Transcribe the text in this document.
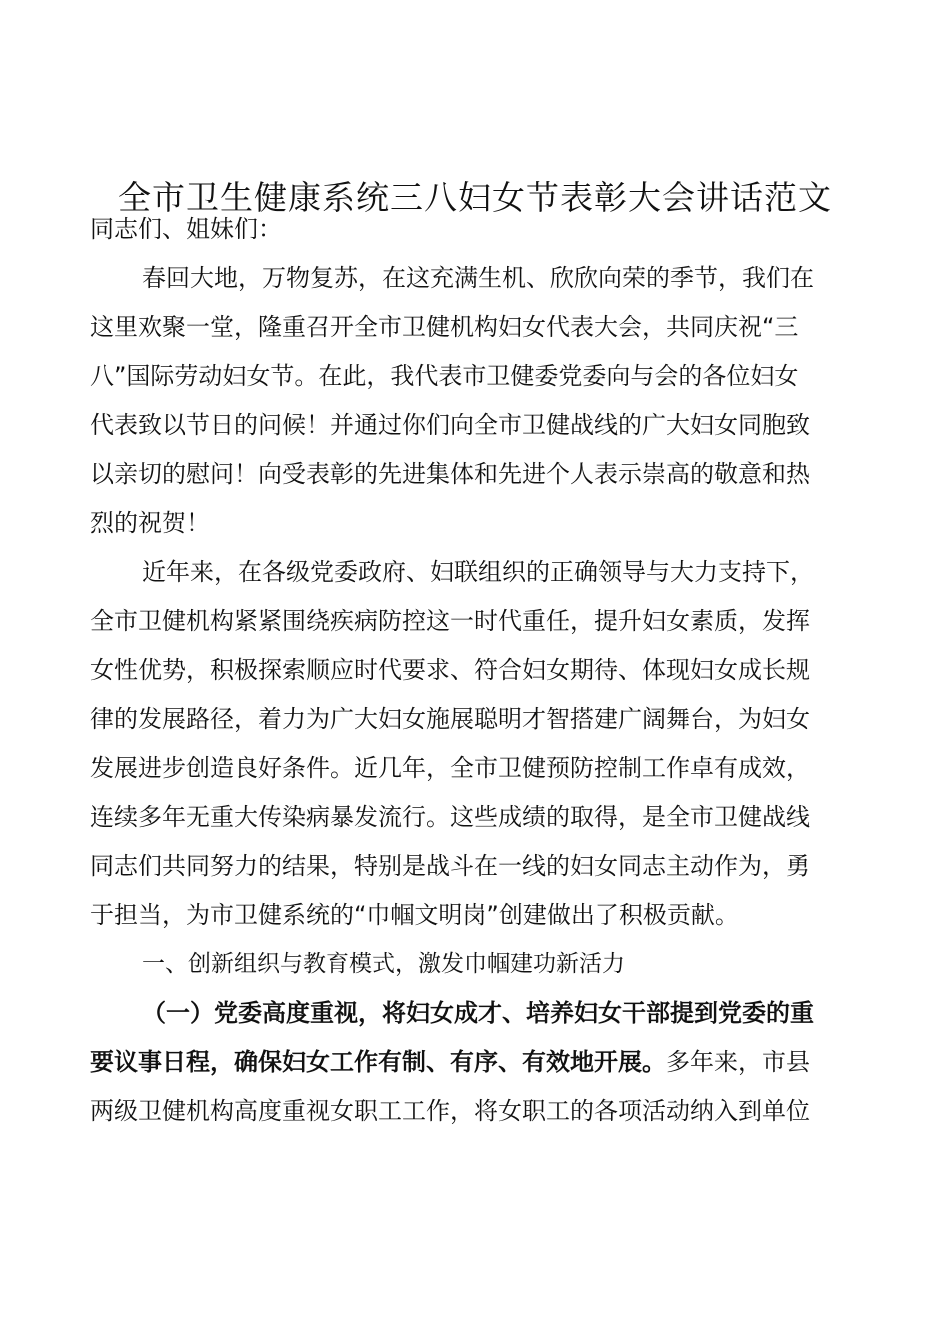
全市卫生健康系统三八妇女节表彰大会讲话范文
同志们、姐妹们：
春回大地，万物复苏，在这充满生机、欣欣向荣的季节，我们在
这里欢聚一堂，隆重召开全市卫健机构妇女代表大会，共同庆祝“三
八”国际劳动妇女节。在此，我代表市卫健委党委向与会的各位妇女
代表致以节日的问候！并通过你们向全市卫健战线的广大妇女同胞致
以亲切的慰问！向受表彰的先进集体和先进个人表示崇高的敬意和热
烈的祝贺！
近年来，在各级党委政府、妇联组织的正确领导与大力支持下，
全市卫健机构紧紧围绕疾病防控这一时代重任，提升妇女素质，发挥
女性优势，积极探索顺应时代要求、符合妇女期待、体现妇女成长规
律的发展路径，着力为广大妇女施展聪明才智搭建广阔舞台，为妇女
发展进步创造良好条件。近几年，全市卫健预防控制工作卓有成效，
连续多年无重大传染病暴发流行。这些成绩的取得，是全市卫健战线
同志们共同努力的结果，特别是战斗在一线的妇女同志主动作为，勇
于担当，为市卫健系统的“巾帼文明岗”创建做出了积极贡献。
一、创新组织与教育模式，激发巾帼建功新活力
（一）党委高度重视，将妇女成才、培养妇女干部提到党委的重
要议事日程，确保妇女工作有制、有序、有效地开展。多年来，市县
两级卫健机构高度重视女职工工作，将女职工的各项活动纳入到单位
